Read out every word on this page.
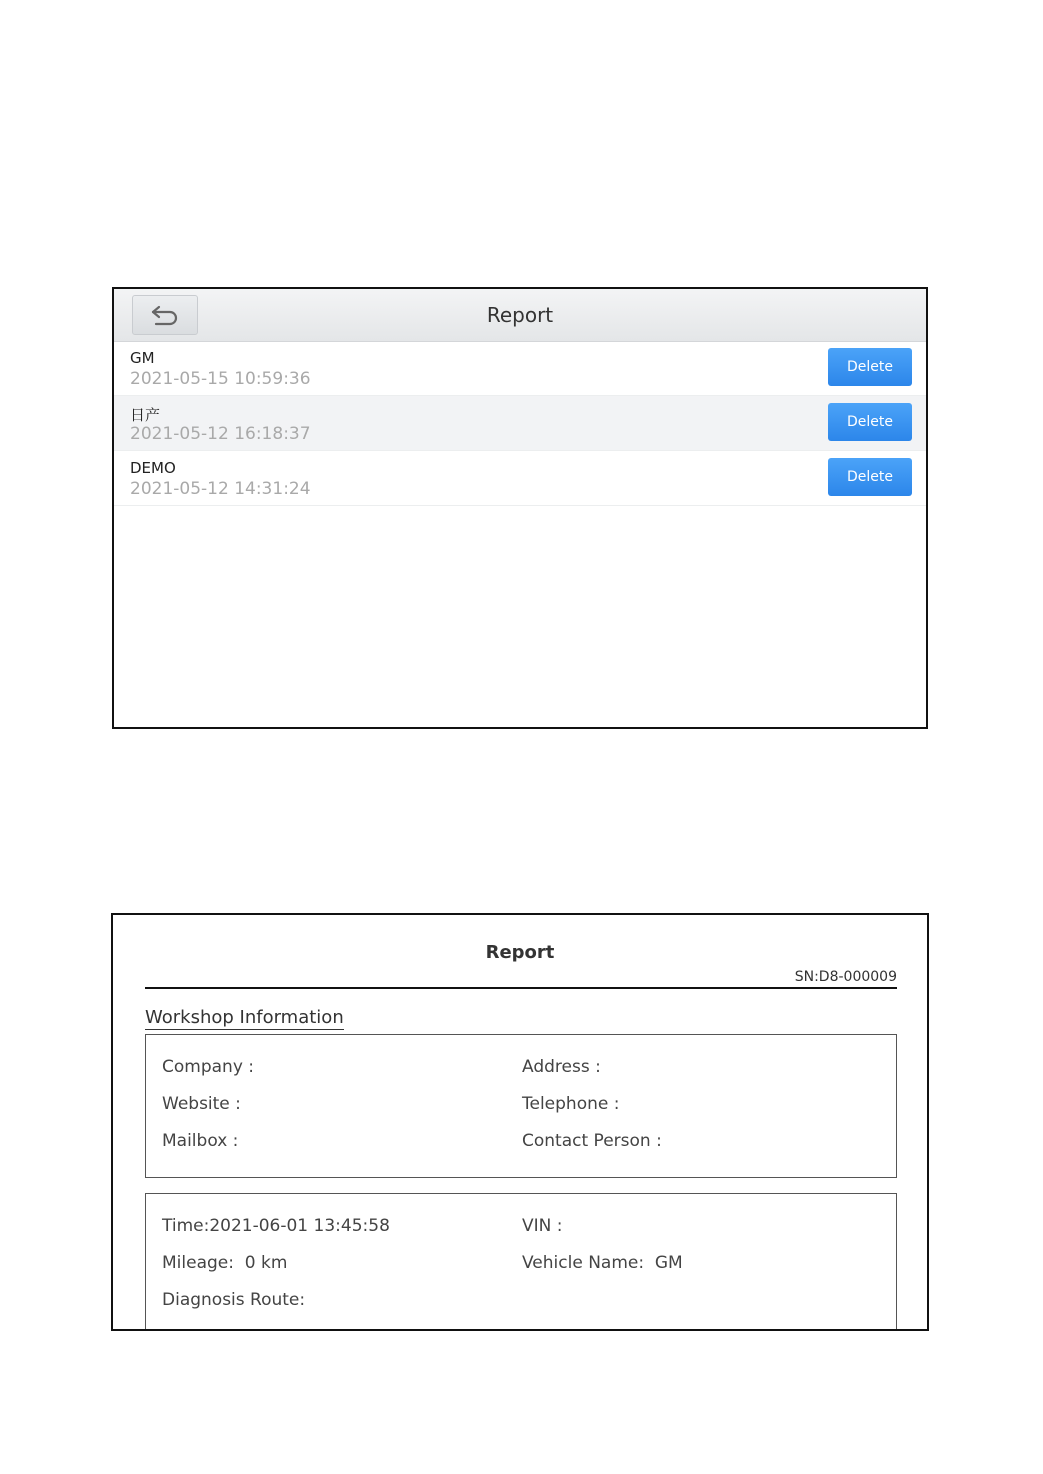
Report
GM
2021-05-15 10:59:36
Delete
日产
2021-05-12 16:18:37
Delete
DEMO
2021-05-12 14:31:24
Delete
Report
SN:D8-000009
Workshop Information
Company :	Address :
Website :	Telephone :
Mailbox :	Contact Person :
Time:2021-06-01 13:45:58	VIN :
Mileage:  0 km	Vehicle Name:  GM
Diagnosis Route:
